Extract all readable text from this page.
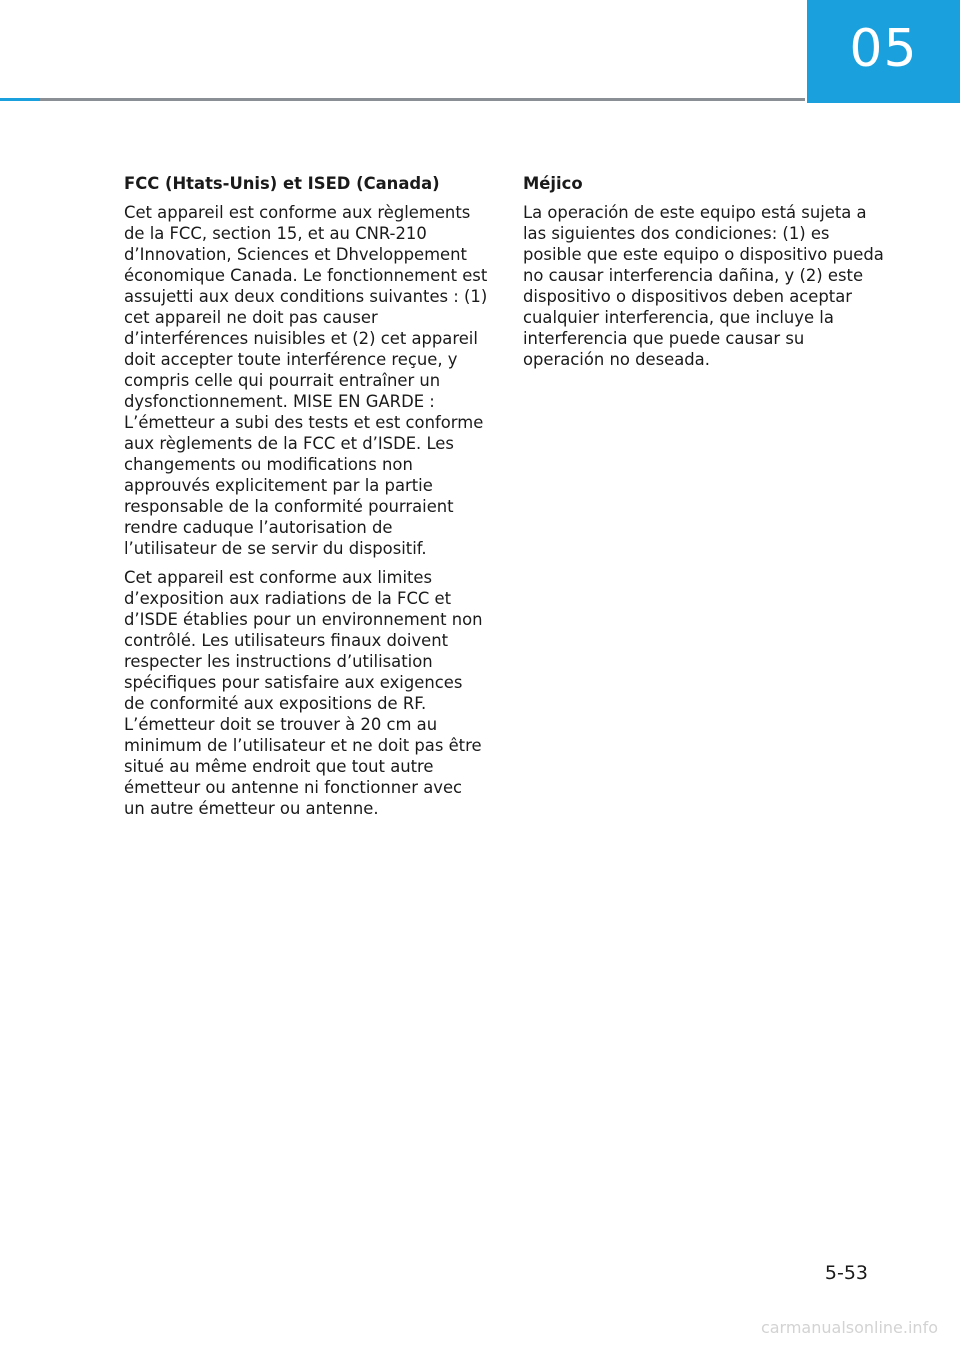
05
FCC (Htats-Unis) et ISED (Canada)

Cet appareil est conforme aux règlements de la FCC, section 15, et au CNR-210 d’Innovation, Sciences et Dhveloppement économique Canada. Le fonctionnement est assujetti aux deux conditions suivantes : (1) cet appareil ne doit pas causer d’interférences nuisibles et (2) cet appareil doit accepter toute interférence reçue, y compris celle qui pourrait entraîner un dysfonctionnement. MISE EN GARDE : L’émetteur a subi des tests et est conforme aux règlements de la FCC et d’ISDE. Les changements ou modifications non approuvés explicitement par la partie responsable de la conformité pourraient rendre caduque l’autorisation de l’utilisateur de se servir du dispositif.

Cet appareil est conforme aux limites d’exposition aux radiations de la FCC et d’ISDE établies pour un environnement non contrôlé. Les utilisateurs finaux doivent respecter les instructions d’utilisation spécifiques pour satisfaire aux exigences de conformité aux expositions de RF. L’émetteur doit se trouver à 20 cm au minimum de l’utilisateur et ne doit pas être situé au même endroit que tout autre émetteur ou antenne ni fonctionner avec un autre émetteur ou antenne.

Méjico

La operación de este equipo está sujeta a las siguientes dos condiciones: (1) es posible que este equipo o dispositivo pueda no causar interferencia dañina, y (2) este dispositivo o dispositivos deben aceptar cualquier interferencia, que incluye la interferencia que puede causar su operación no deseada.

5-53
carmanualsonline.info
